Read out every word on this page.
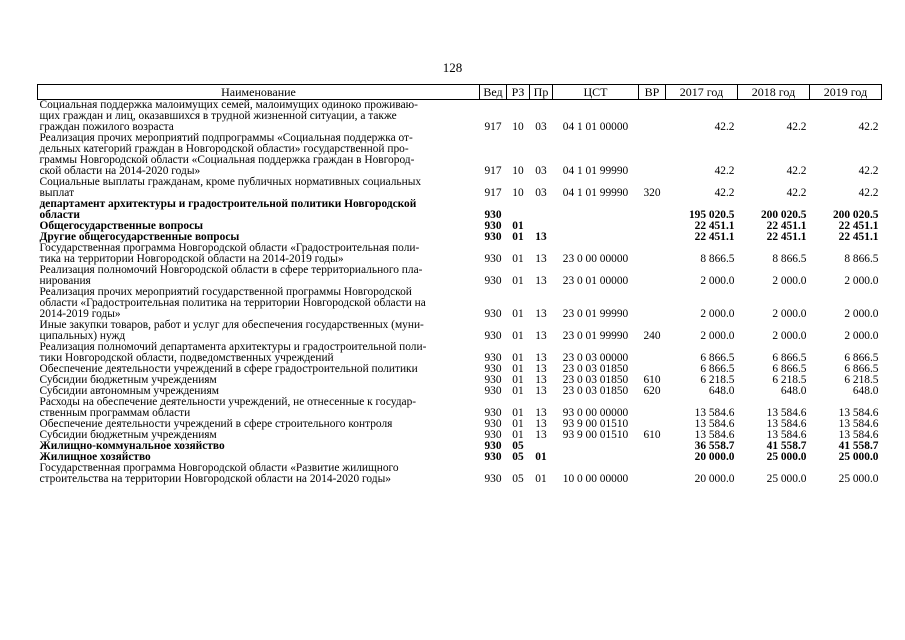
128
Наименование	Вед	РЗ	Пр	ЦСТ	ВР	2017 год	2018 год	2019 год

Социальная поддержка малоимущих семей, малоимущих одиноко проживаю-
щих граждан и лиц, оказавшихся в трудной жизненной ситуации, а также
граждан пожилого возраста	917	10	03	04 1 01 00000		42.2	42.2	42.2

Реализация прочих мероприятий подпрограммы «Социальная поддержка от-
дельных категорий граждан в Новгородской области» государственной про-
граммы Новгородской области «Социальная поддержка граждан в Новгород-
ской области на 2014-2020 годы»	917	10	03	04 1 01 99990		42.2	42.2	42.2

Социальные выплаты гражданам, кроме публичных нормативных социальных
выплат	917	10	03	04 1 01 99990	320	42.2	42.2	42.2

департамент архитектуры и градостроительной политики Новгородской
области	930					195 020.5	200 020.5	200 020.5

Общегосударственные вопросы	930	01				22 451.1	22 451.1	22 451.1

Другие общегосударственные вопросы	930	01	13			22 451.1	22 451.1	22 451.1

Государственная программа Новгородской области «Градостроительная поли-
тика на территории Новгородской области на 2014-2019 годы»	930	01	13	23 0 00 00000		8 866.5	8 866.5	8 866.5

Реализация полномочий Новгородской области в сфере территориального пла-
нирования	930	01	13	23 0 01 00000		2 000.0	2 000.0	2 000.0

Реализация прочих мероприятий государственной программы Новгородской
области «Градостроительная политика на территории Новгородской области на
2014-2019 годы»	930	01	13	23 0 01 99990		2 000.0	2 000.0	2 000.0

Иные закупки товаров, работ и услуг для обеспечения государственных (муни-
ципальных) нужд	930	01	13	23 0 01 99990	240	2 000.0	2 000.0	2 000.0

Реализация полномочий департамента архитектуры и градостроительной поли-
тики Новгородской области, подведомственных учреждений	930	01	13	23 0 03 00000		6 866.5	6 866.5	6 866.5

Обеспечение деятельности учреждений в сфере градостроительной политики	930	01	13	23 0 03 01850		6 866.5	6 866.5	6 866.5

Субсидии бюджетным учреждениям	930	01	13	23 0 03 01850	610	6 218.5	6 218.5	6 218.5

Субсидии автономным учреждениям	930	01	13	23 0 03 01850	620	648.0	648.0	648.0

Расходы на обеспечение деятельности учреждений, не отнесенные к государ-
ственным программам области	930	01	13	93 0 00 00000		13 584.6	13 584.6	13 584.6

Обеспечение деятельности учреждений в сфере строительного контроля	930	01	13	93 9 00 01510		13 584.6	13 584.6	13 584.6

Субсидии бюджетным учреждениям	930	01	13	93 9 00 01510	610	13 584.6	13 584.6	13 584.6

Жилищно-коммунальное хозяйство	930	05				36 558.7	41 558.7	41 558.7

Жилищное хозяйство	930	05	01			20 000.0	25 000.0	25 000.0

Государственная программа Новгородской области «Развитие жилищного
строительства на территории Новгородской области на 2014-2020 годы»	930	05	01	10 0 00 00000		20 000.0	25 000.0	25 000.0
